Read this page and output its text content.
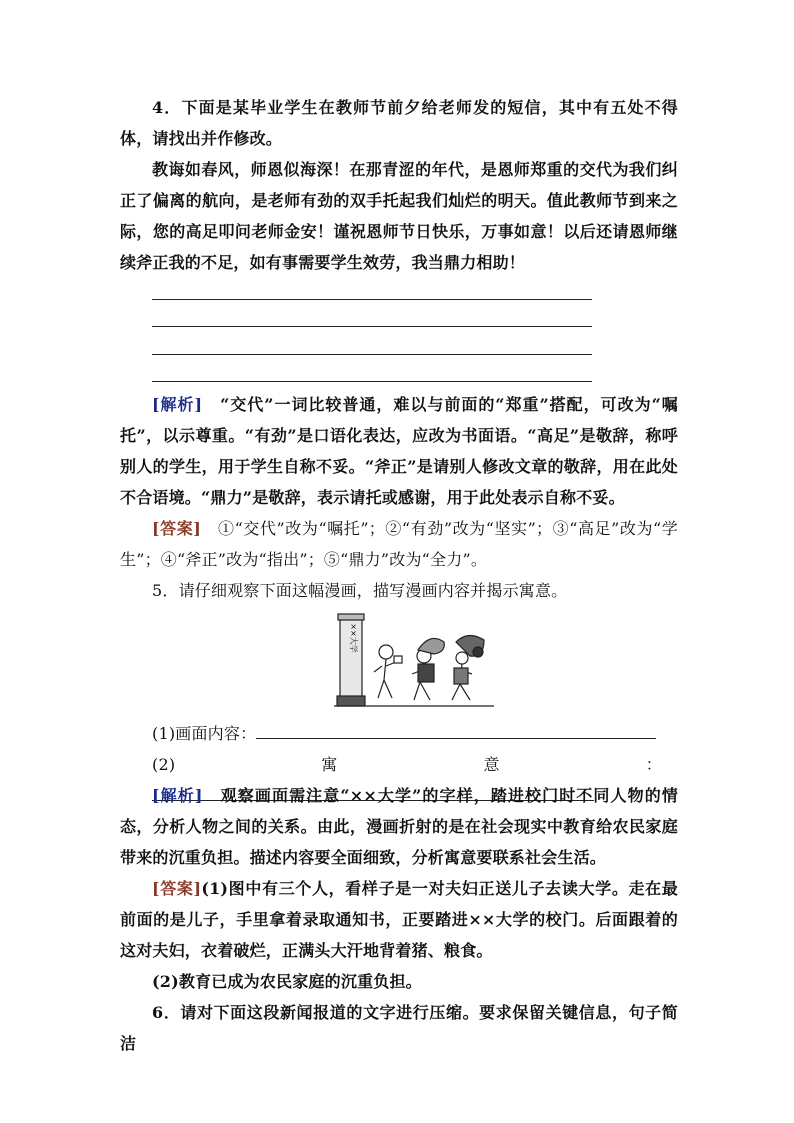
4．下面是某毕业学生在教师节前夕给老师发的短信，其中有五处不得体，请找出并作修改。
教诲如春风，师恩似海深！在那青涩的年代，是恩师郑重的交代为我们纠正了偏离的航向，是老师有劲的双手托起我们灿烂的明天。值此教师节到来之际，您的高足叩问老师金安！谨祝恩师节日快乐，万事如意！以后还请恩师继续斧正我的不足，如有事需要学生效劳，我当鼎力相助！
[解析]　 “交代”一词比较普通，难以与前面的“郑重”搭配，可改为“嘱托”，以示尊重。“有劲”是口语化表达，应改为书面语。“高足”是敬辞，称呼别人的学生，用于学生自称不妥。“斧正”是请别人修改文章的敬辞，用在此处不合语境。“鼎力”是敬辞，表示请托或感谢，用于此处表示自称不妥。
[答案]　 ①“交代”改为“嘱托”；②“有劲”改为“坚实”；③“高足”改为“学生”；④“斧正”改为“指出”；⑤“鼎力”改为“全力”。
5．请仔细观察下面这幅漫画，描写漫画内容并揭示寓意。
××大学
(1)画面内容：
(2)寓意：
[解析]　 观察画面需注意“××大学”的字样，踏进校门时不同人物的情态，分析人物之间的关系。由此，漫画折射的是在社会现实中教育给农民家庭带来的沉重负担。描述内容要全面细致，分析寓意要联系社会生活。
[答案](1)图中有三个人，看样子是一对夫妇正送儿子去读大学。走在最前面的是儿子，手里拿着录取通知书，正要踏进××大学的校门。后面跟着的这对夫妇，衣着破烂，正满头大汗地背着猪、粮食。
(2)教育已成为农民家庭的沉重负担。
6．请对下面这段新闻报道的文字进行压缩。要求保留关键信息，句子简洁
